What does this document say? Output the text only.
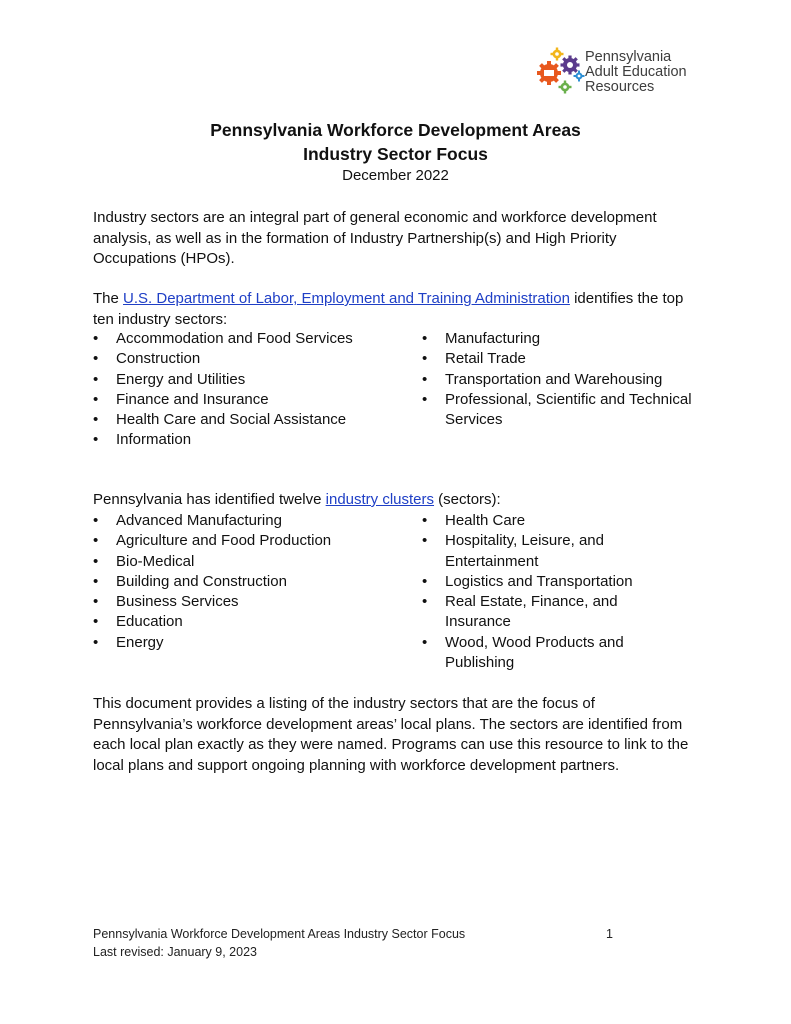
Pennsylvania
Adult Education
Resources
Pennsylvania Workforce Development Areas
Industry Sector Focus
December 2022

Industry sectors are an integral part of general economic and workforce development analysis, as well as in the formation of Industry Partnership(s) and High Priority Occupations (HPOs).

The U.S. Department of Labor, Employment and Training Administration identifies the top ten industry sectors:

• Accommodation and Food Services
• Construction
• Energy and Utilities
• Finance and Insurance
• Health Care and Social Assistance
• Information
• Manufacturing
• Retail Trade
• Transportation and Warehousing
• Professional, Scientific and Technical Services

Pennsylvania has identified twelve industry clusters (sectors):

• Advanced Manufacturing
• Agriculture and Food Production
• Bio-Medical
• Building and Construction
• Business Services
• Education
• Energy
• Health Care
• Hospitality, Leisure, and Entertainment
• Logistics and Transportation
• Real Estate, Finance, and Insurance
• Wood, Wood Products and Publishing

This document provides a listing of the industry sectors that are the focus of Pennsylvania’s workforce development areas’ local plans. The sectors are identified from each local plan exactly as they were named. Programs can use this resource to link to the local plans and support ongoing planning with workforce development partners.

Pennsylvania Workforce Development Areas Industry Sector Focus
Last revised: January 9, 2023
1
